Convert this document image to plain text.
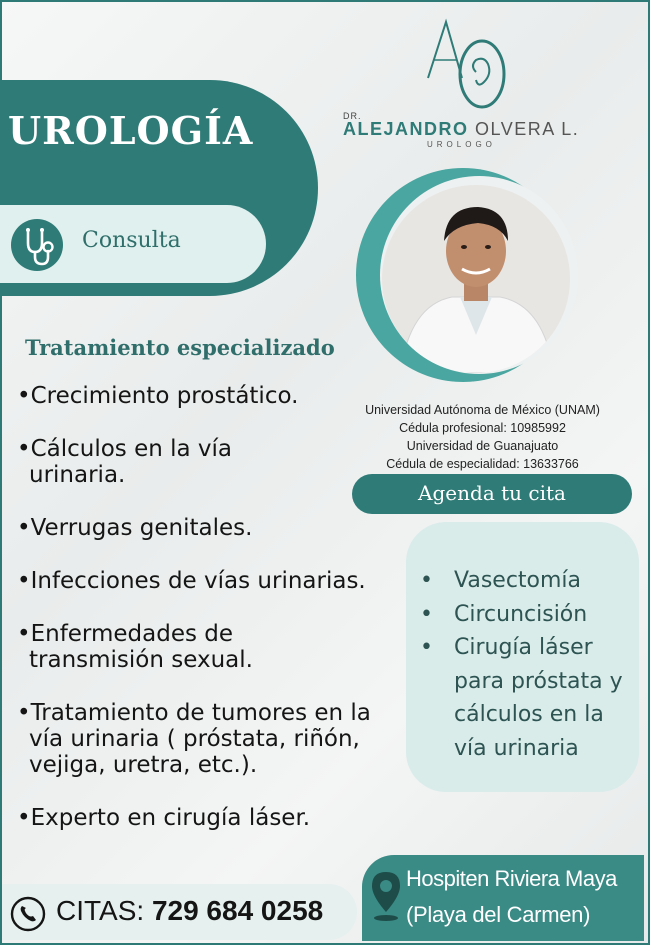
UROLOGÍA
Consulta
DR.
ALEJANDRO OLVERA L.
UROLOGO
Tratamiento especializado
• Crecimiento prostático.
• Cálculos en la vía urinaria.
• Verrugas genitales.
• Infecciones de vías urinarias.
• Enfermedades de transmisión sexual.
• Tratamiento de tumores en la vía urinaria ( próstata, riñón, vejiga, uretra, etc.).
• Experto en cirugía láser.
Universidad Autónoma de México (UNAM)
Cédula profesional: 10985992
Universidad de Guanajuato
Cédula de especialidad: 13633766
Agenda tu cita
• Vasectomía
• Circuncisión
• Cirugía láser para próstata y cálculos en la vía urinaria
CITAS: 729 684 0258
Hospiten Riviera Maya
(Playa del Carmen)
